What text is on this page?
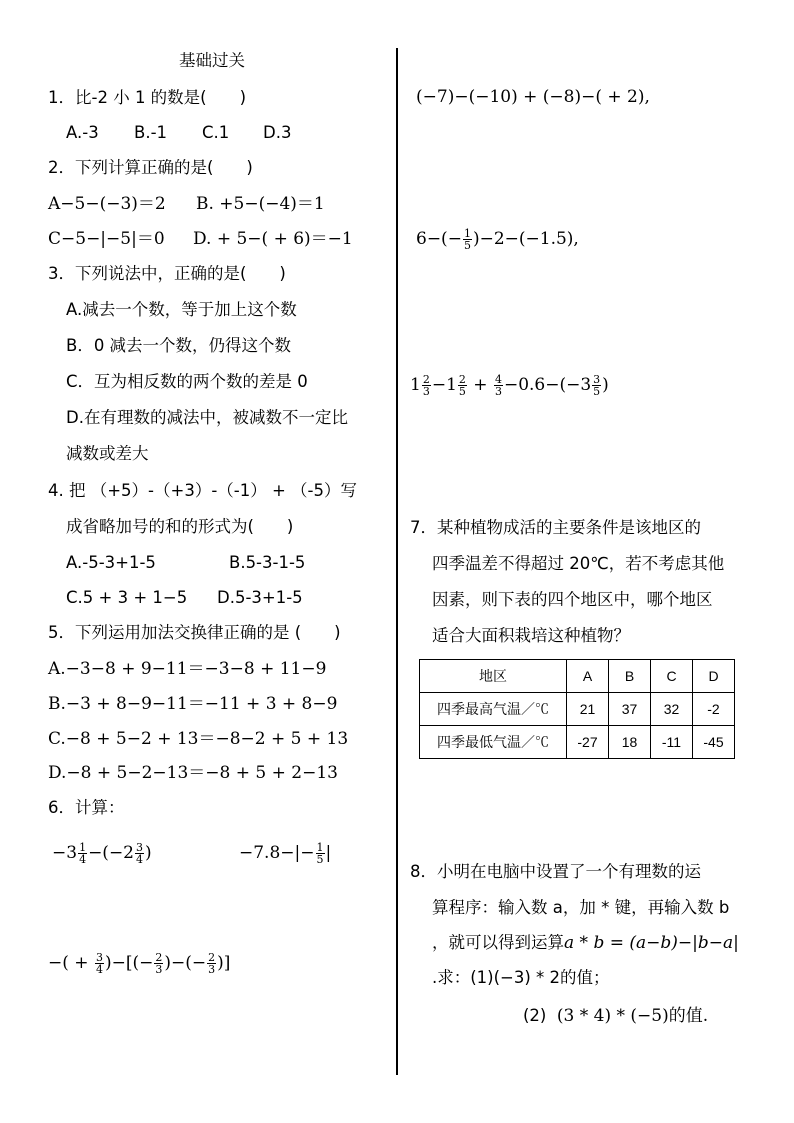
基础过关
1．比-2 小 1 的数是(　　)
A.-3 B.-1 C.1 D.3
2．下列计算正确的是(　　)
A−5−(−3)＝2 B. +5−(−4)＝1
C−5−|−5|＝0 D. + 5−( + 6)＝−1
3．下列说法中，正确的是(　　)
A.减去一个数，等于加上这个数
B．0 减去一个数，仍得这个数
C．互为相反数的两个数的差是 0
D.在有理数的减法中，被减数不一定比
减数或差大
4. 把 （+5）-（+3）-（-1） + （-5）写
成省略加号的和的形式为(　　)
A.-5-3+1-5	B.5-3-1-5
C.5 + 3 + 1−5 D.5-3+1-5
5．下列运用加法交换律正确的是 (　　)
A.−3−8 + 9−11＝−3−8 + 11−9
B.−3 + 8−9−11＝−11 + 3 + 8−9
C.−8 + 5−2 + 13＝−8−2 + 5 + 13
D.−8 + 5−2−13＝−8 + 5 + 2−13
6．计算：
$-3 \frac{1}{4} -(-2 \frac{3}{4}$ )	$-7.8-|- \frac{1}{5}$ |
−( + $\frac{3}{4}$ )−[(− $\frac{2}{3}$ )−(− $\frac{2}{3}$ )]
(−7)−(−10) + (−8)−( + 2),
$6-(- \frac{1}{5} )-2-(-1.5)$,
$1 \frac{2}{3} -1 \frac{2}{5} + \frac{4}{3} -0.6-(-3 \frac{3}{5}$ )
7．某种植物成活的主要条件是该地区的
四季温差不得超过 20℃，若不考虑其他
因素，则下表的四个地区中，哪个地区
适合大面积栽培这种植物？
地区	A	B	C	D
四季最高气温／℃	21	37	32	-2
四季最低气温／℃	-27	18	-11	-45
8．小明在电脑中设置了一个有理数的运
算程序：输入数 a，加 * 键，再输入数 b
，就可以得到运算a * b = (a−b)−|b−a|
.求：(1)(−3) * 2的值；
(2) (3 * 4) * (−5)的值.
